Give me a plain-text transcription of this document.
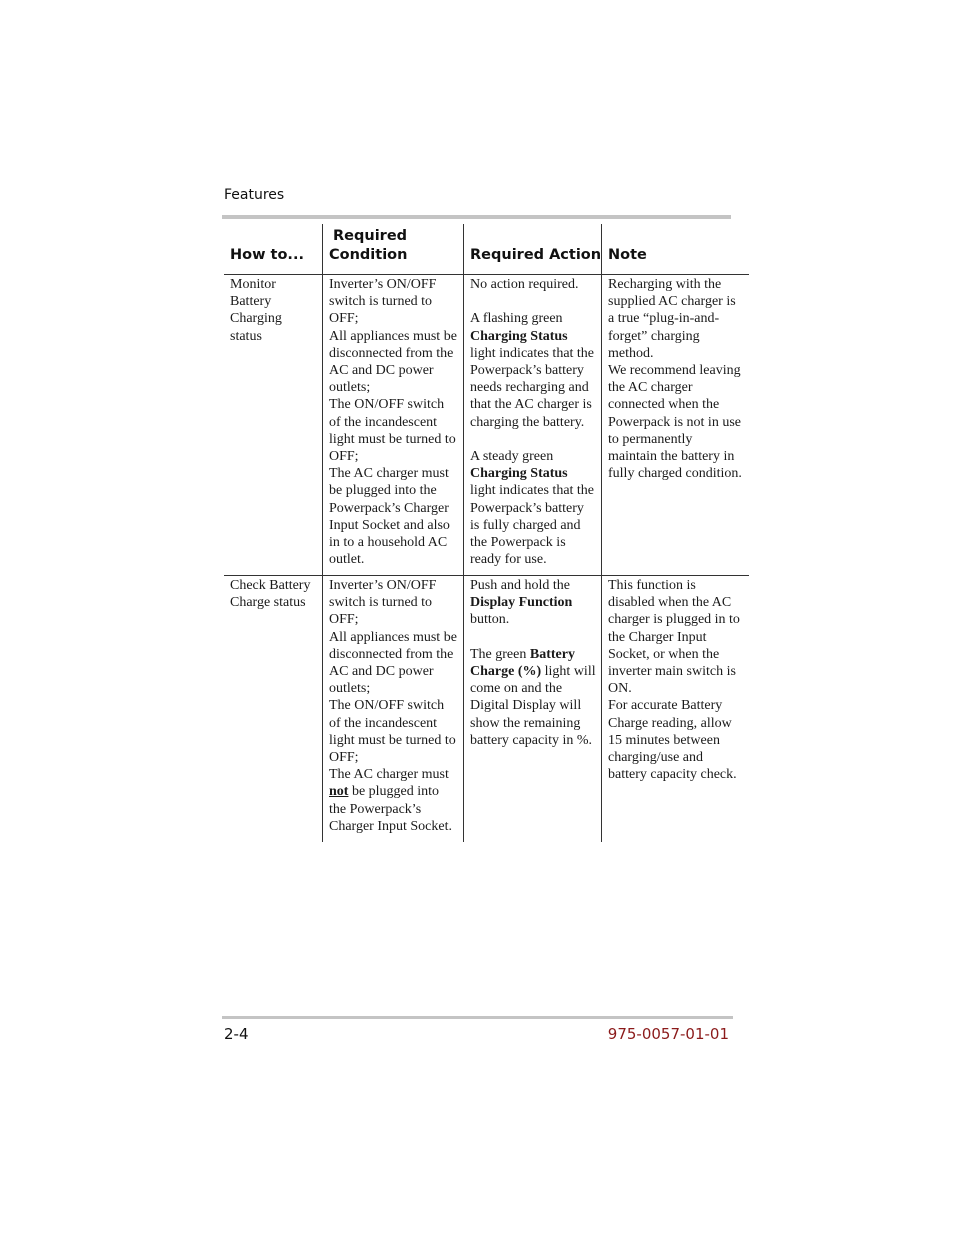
Features
How to...
Required
Condition	Required Action Note

Monitor

Battery

Charging

status

Inverter’s ON/OFF

switch is turned to

OFF;

All appliances must be

disconnected from the

AC and DC power

outlets;

The ON/OFF switch

of the incandescent

light must be turned to

OFF;

The AC charger must

be plugged into the

Powerpack’s Charger

Input Socket and also

in to a household AC

outlet.

No action required.

A flashing green

Charging Status

light indicates that the

Powerpack’s battery

needs recharging and

that the AC charger is

charging the battery.

A steady green

Charging Status

light indicates that the

Powerpack’s battery

is fully charged and

the Powerpack is

ready for use.

Recharging with the

supplied AC charger is

a true “plug-in-and-

forget” charging

method.

We recommend leaving

the AC charger

connected when the

Powerpack is not in use

to permanently

maintain the battery in

fully charged condition.

Check Battery

Charge status

Inverter’s ON/OFF

switch is turned to

OFF;

All appliances must be

disconnected from the

AC and DC power

outlets;

The ON/OFF switch

of the incandescent

light must be turned to

OFF;

The AC charger must

not be plugged into

the Powerpack’s

Charger Input Socket.

Push and hold the

Display Function

button.

The green Battery

Charge (%) light will

come on and the

Digital Display will

show the remaining

battery capacity in %.

This function is

disabled when the AC

charger is plugged in to

the Charger Input

Socket, or when the

inverter main switch is

ON.

For accurate Battery

Charge reading, allow

15 minutes between

charging/use and

battery capacity check.

2-4	975-0057-01-01
